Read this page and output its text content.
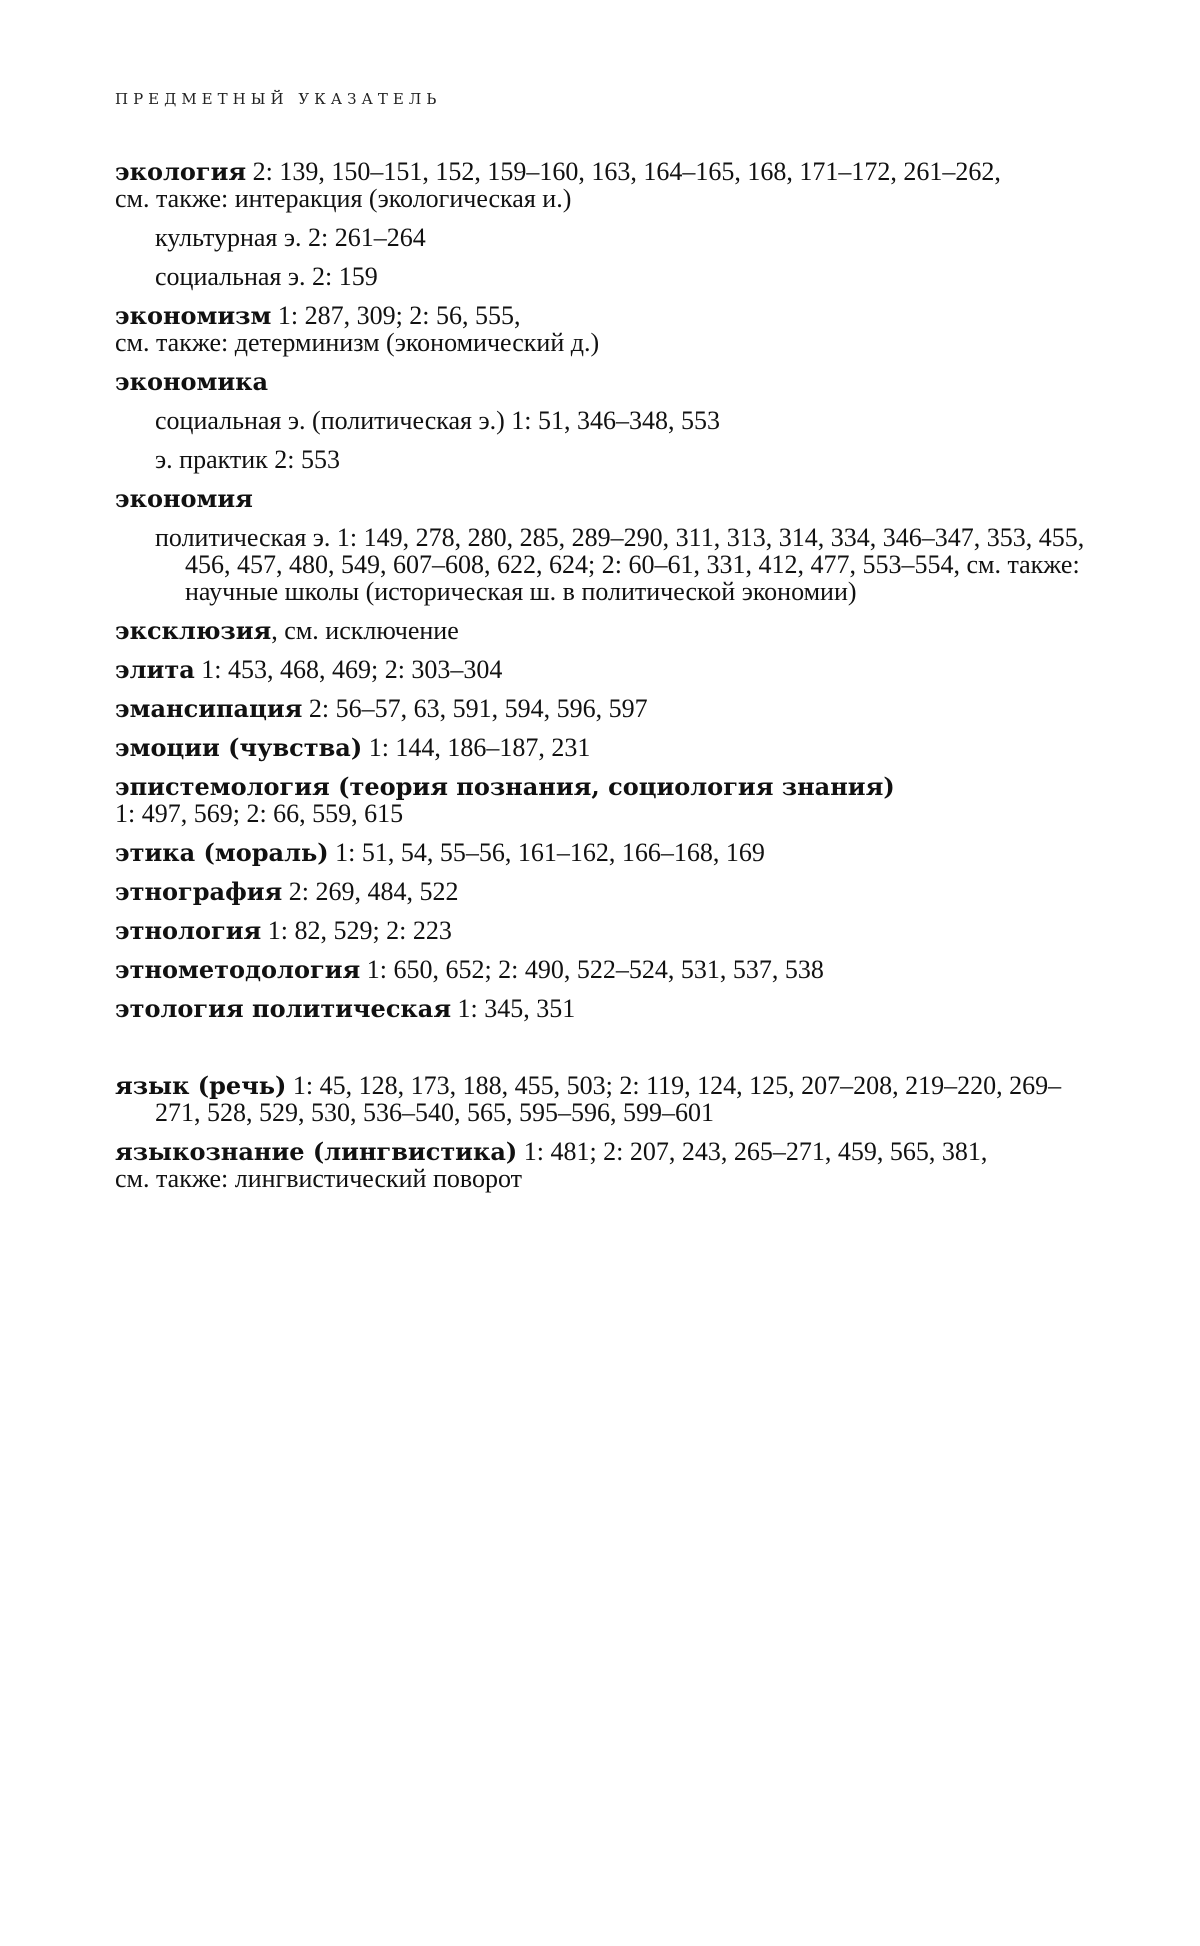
ПРЕДМЕТНЫЙ УКАЗАТЕЛЬ
экология 2: 139, 150–151, 152, 159–160, 163, 164–165, 168, 171–172, 261–262,
см. также: интеракция (экологическая и.)
культурная э. 2: 261–264
социальная э. 2: 159
экономизм 1: 287, 309; 2: 56, 555,
см. также: детерминизм (экономический д.)
экономика
социальная э. (политическая э.) 1: 51, 346–348, 553
э. практик 2: 553
экономия
политическая э. 1: 149, 278, 280, 285, 289–290, 311, 313, 314, 334, 346–347, 353, 455, 456, 457, 480, 549, 607–608, 622, 624; 2: 60–61, 331, 412, 477, 553–554, см. также: научные школы (историческая ш. в политической экономии)
эксклюзия, см. исключение
элита 1: 453, 468, 469; 2: 303–304
эмансипация 2: 56–57, 63, 591, 594, 596, 597
эмоции (чувства) 1: 144, 186–187, 231
эпистемология (теория познания, социология знания)
1: 497, 569; 2: 66, 559, 615
этика (мораль) 1: 51, 54, 55–56, 161–162, 166–168, 169
этнография 2: 269, 484, 522
этнология 1: 82, 529; 2: 223
этнометодология 1: 650, 652; 2: 490, 522–524, 531, 537, 538
этология политическая 1: 345, 351
язык (речь) 1: 45, 128, 173, 188, 455, 503; 2: 119, 124, 125, 207–208, 219–220, 269–271, 528, 529, 530, 536–540, 565, 595–596, 599–601
языкознание (лингвистика) 1: 481; 2: 207, 243, 265–271, 459, 565, 381,
см. также: лингвистический поворот
